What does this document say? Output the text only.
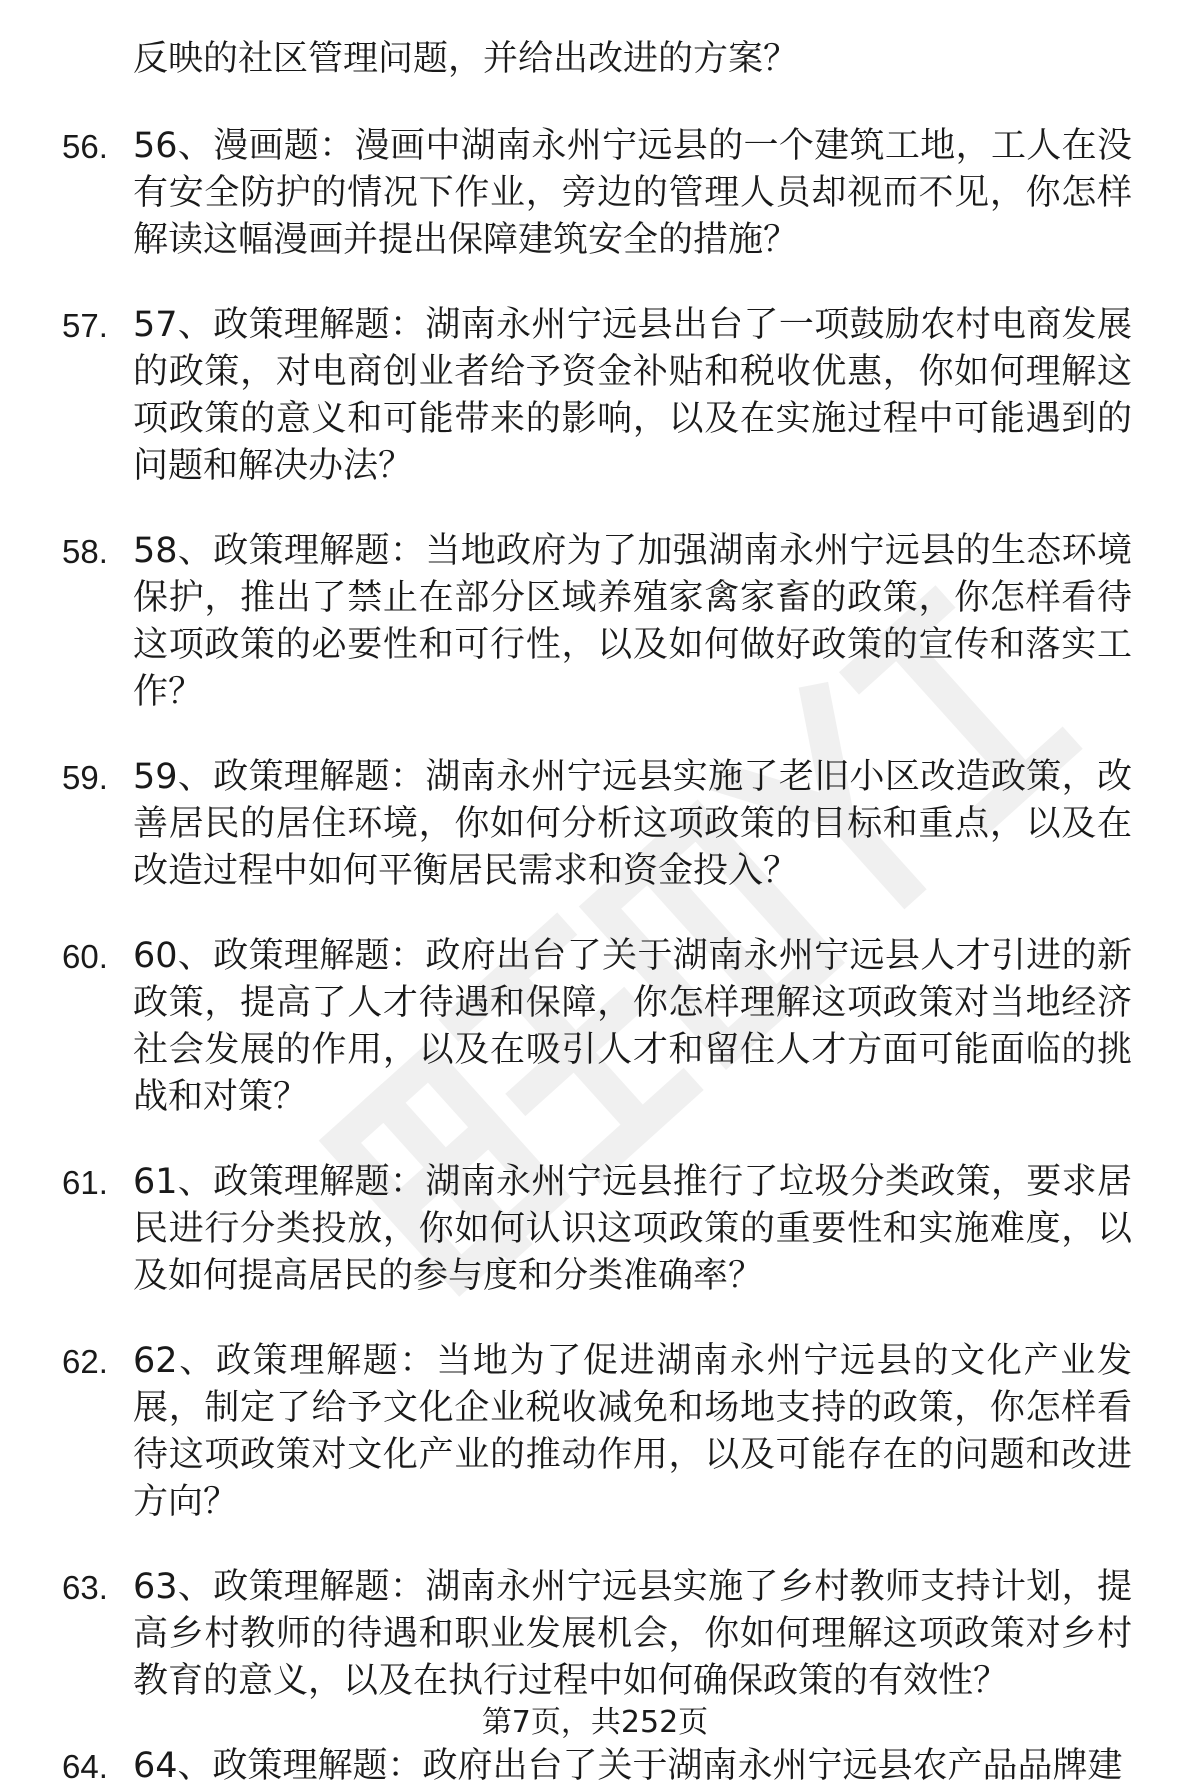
反映的社区管理问题，并给出改进的方案？

56. 56、漫画题：漫画中湖南永州宁远县的一个建筑工地，工人在没有安全防护的情况下作业，旁边的管理人员却视而不见，你怎样解读这幅漫画并提出保障建筑安全的措施？
57. 57、政策理解题：湖南永州宁远县出台了一项鼓励农村电商发展的政策，对电商创业者给予资金补贴和税收优惠，你如何理解这项政策的意义和可能带来的影响，以及在实施过程中可能遇到的问题和解决办法？
58. 58、政策理解题：当地政府为了加强湖南永州宁远县的生态环境保护，推出了禁止在部分区域养殖家禽家畜的政策，你怎样看待这项政策的必要性和可行性，以及如何做好政策的宣传和落实工作？
59. 59、政策理解题：湖南永州宁远县实施了老旧小区改造政策，改善居民的居住环境，你如何分析这项政策的目标和重点，以及在改造过程中如何平衡居民需求和资金投入？
60. 60、政策理解题：政府出台了关于湖南永州宁远县人才引进的新政策，提高了人才待遇和保障，你怎样理解这项政策对当地经济社会发展的作用，以及在吸引人才和留住人才方面可能面临的挑战和对策？
61. 61、政策理解题：湖南永州宁远县推行了垃圾分类政策，要求居民进行分类投放，你如何认识这项政策的重要性和实施难度，以及如何提高居民的参与度和分类准确率？
62. 62、政策理解题：当地为了促进湖南永州宁远县的文化产业发展，制定了给予文化企业税收减免和场地支持的政策，你怎样看待这项政策对文化产业的推动作用，以及可能存在的问题和改进方向？
63. 63、政策理解题：湖南永州宁远县实施了乡村教师支持计划，提高乡村教师的待遇和职业发展机会，你如何理解这项政策对乡村教育的意义，以及在执行过程中如何确保政策的有效性？
64. 64、政策理解题：政府出台了关于湖南永州宁远县农产品品牌建
第7页，共252页
